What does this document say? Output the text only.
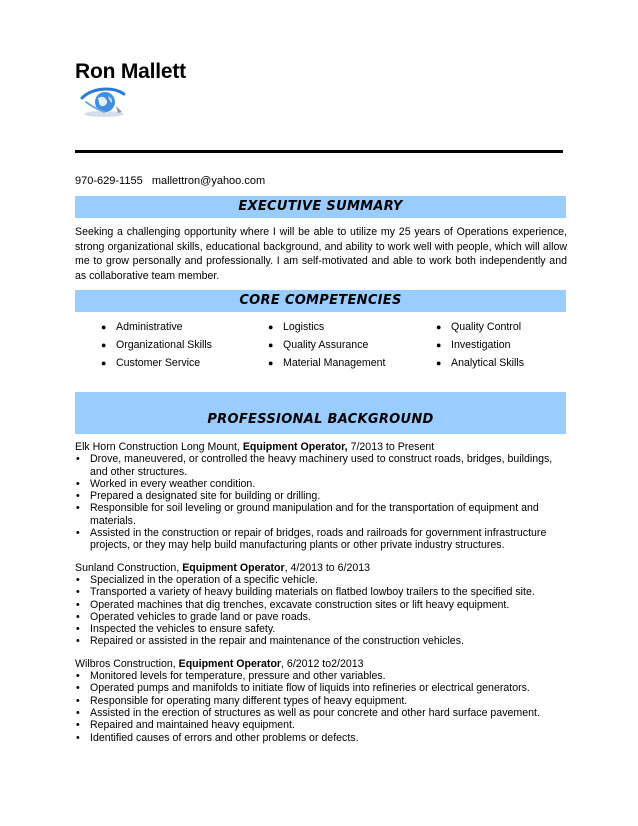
Ron Mallett
970-629-1155 mallettron@yahoo.com
EXECUTIVE SUMMARY

Seeking a challenging opportunity where I will be able to utilize my 25 years of Operations experience, strong organizational skills, educational background, and ability to work well with people, which will allow me to grow personally and professionally. I am self-motivated and able to work both independently and as collaborative team member.

CORE COMPETENCIES
● Administrative
● Organizational Skills
● Customer Service
● Logistics
● Quality Assurance
● Material Management
● Quality Control
● Investigation
● Analytical Skills
PROFESSIONAL BACKGROUND
Elk Horn Construction Long Mount, Equipment Operator, 7/2013 to Present
• Drove, maneuvered, or controlled the heavy machinery used to construct roads, bridges, buildings, and other structures.
• Worked in every weather condition.
• Prepared a designated site for building or drilling.
• Responsible for soil leveling or ground manipulation and for the transportation of equipment and materials.
• Assisted in the construction or repair of bridges, roads and railroads for government infrastructure projects, or they may help build manufacturing plants or other private industry structures.
Sunland Construction, Equipment Operator, 4/2013 to 6/2013
• Specialized in the operation of a specific vehicle.
• Transported a variety of heavy building materials on flatbed lowboy trailers to the specified site.
• Operated machines that dig trenches, excavate construction sites or lift heavy equipment.
• Operated vehicles to grade land or pave roads.
• Inspected the vehicles to ensure safety.
• Repaired or assisted in the repair and maintenance of the construction vehicles.
Wilbros Construction, Equipment Operator, 6/2012 to2/2013
• Monitored levels for temperature, pressure and other variables.
• Operated pumps and manifolds to initiate flow of liquids into refineries or electrical generators.
• Responsible for operating many different types of heavy equipment.
• Assisted in the erection of structures as well as pour concrete and other hard surface pavement.
• Repaired and maintained heavy equipment.
• Identified causes of errors and other problems or defects.
